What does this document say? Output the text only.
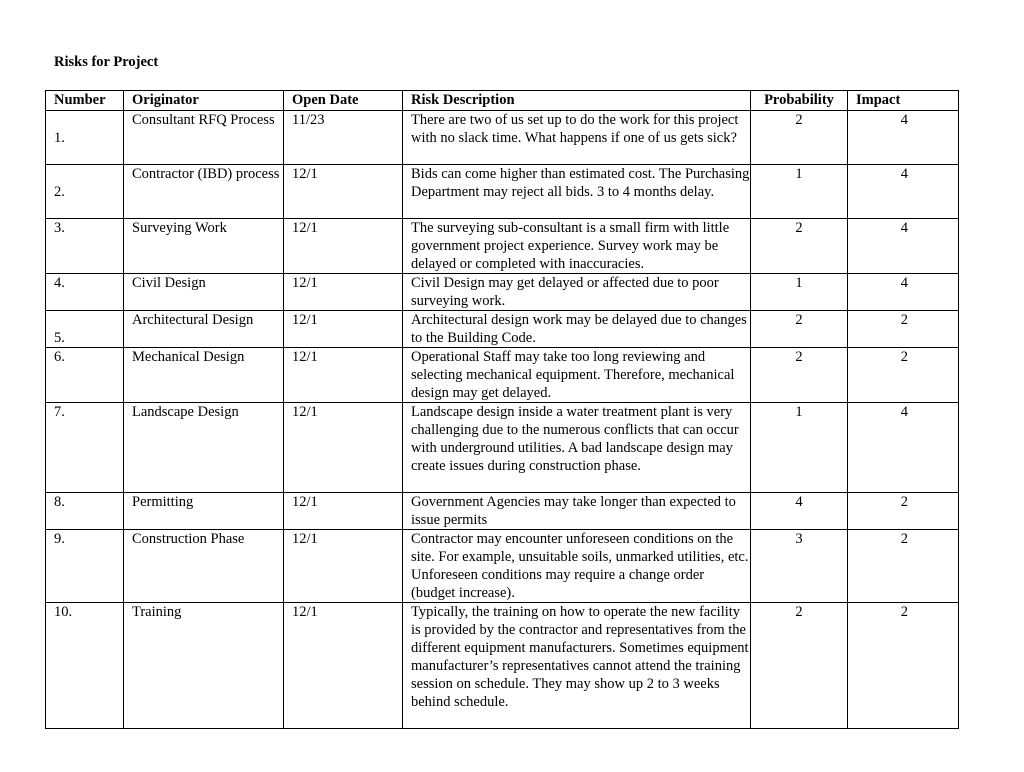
Risks for Project
Number	Originator	Open Date	Risk Description	Probability	Impact

1.	Consultant RFQ Process	11/23	There are two of us set up to do the work for this project with no slack time. What happens if one of us gets sick?	2	4

2.	Contractor (IBD) process	12/1	Bids can come higher than estimated cost. The Purchasing Department may reject all bids. 3 to 4 months delay.	1	4
3.	Surveying Work	12/1	The surveying sub-consultant is a small firm with little government project experience. Survey work may be delayed or completed with inaccuracies.	2	4
4.	Civil Design	12/1	Civil Design may get delayed or affected due to poor surveying work.	1	4

5.	Architectural Design	12/1	Architectural design work may be delayed due to changes to the Building Code.	2	2
6.	Mechanical Design	12/1	Operational Staff may take too long reviewing and selecting mechanical equipment. Therefore, mechanical design may get delayed.	2	2
7.	Landscape Design	12/1	Landscape design inside a water treatment plant is very challenging due to the numerous conflicts that can occur with underground utilities. A bad landscape design may create issues during construction phase.	1	4
8.	Permitting	12/1	Government Agencies may take longer than expected to issue permits	4	2
9.	Construction Phase	12/1	Contractor may encounter unforeseen conditions on the site. For example, unsuitable soils, unmarked utilities, etc. Unforeseen conditions may require a change order (budget increase).	3	2
10.	Training	12/1	Typically, the training on how to operate the new facility is provided by the contractor and representatives from the different equipment manufacturers. Sometimes equipment manufacturer’s representatives cannot attend the training session on schedule. They may show up 2 to 3 weeks behind schedule.	2	2
